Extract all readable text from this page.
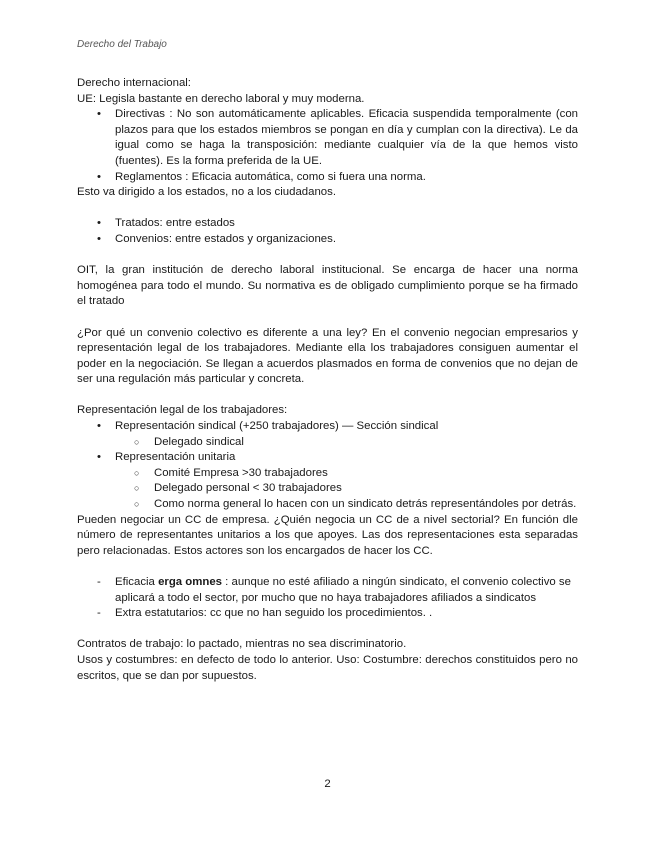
Derecho del Trabajo

Derecho internacional:

UE: Legisla bastante en derecho laboral y muy moderna.

• Directivas : No son automáticamente aplicables. Eficacia suspendida temporalmente (con plazos para que los estados miembros se pongan en día y cumplan con la directiva). Le da igual como se haga la transposición: mediante cualquier vía de la que hemos visto (fuentes). Es la forma preferida de la UE.
• Reglamentos : Eficacia automática, como si fuera una norma.

Esto va dirigido a los estados, no a los ciudadanos.

• Tratados: entre estados
• Convenios: entre estados y organizaciones.

OIT, la gran institución de derecho laboral institucional. Se encarga de hacer una norma homogénea para todo el mundo. Su normativa es de obligado cumplimiento porque se ha firmado el tratado

¿Por qué un convenio colectivo es diferente a una ley? En el convenio negocian empresarios y representación legal de los trabajadores. Mediante ella los trabajadores consiguen aumentar el poder en la negociación. Se llegan a acuerdos plasmados en forma de convenios que no dejan de ser una regulación más particular y concreta.

Representación legal de los trabajadores:

• Representación sindical (+250 trabajadores) — Sección sindical
○ Delegado sindical
• Representación unitaria
○ Comité Empresa >30 trabajadores
○ Delegado personal < 30 trabajadores
○ Como norma general lo hacen con un sindicato detrás representándoles por detrás.

Pueden negociar un CC de empresa. ¿Quién negocia un CC de a nivel sectorial? En función dle número de representantes unitarios a los que apoyes. Las dos representaciones esta separadas pero relacionadas. Estos actores son los encargados de hacer los CC.

- Eficacia erga omnes : aunque no esté afiliado a ningún sindicato, el convenio colectivo se aplicará a todo el sector, por mucho que no haya trabajadores afiliados a sindicatos
- Extra estatutarios: cc que no han seguido los procedimientos. .

Contratos de trabajo: lo pactado, mientras no sea discriminatorio.

Usos y costumbres: en defecto de todo lo anterior. Uso: Costumbre: derechos constituidos pero no escritos, que se dan por supuestos.

2
